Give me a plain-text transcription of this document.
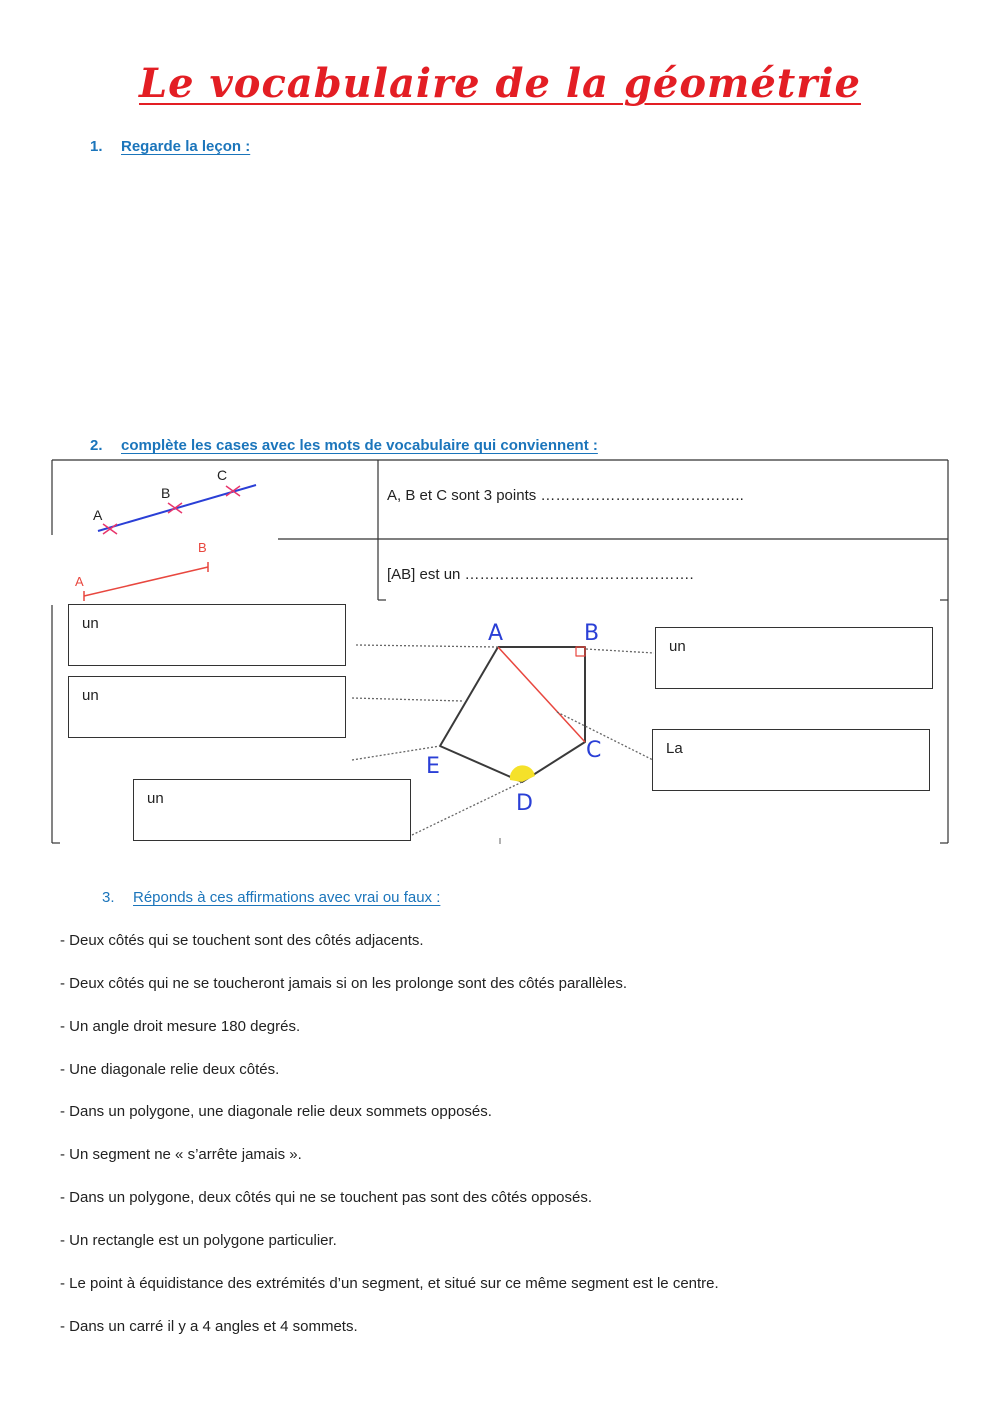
Le vocabulaire de la géométrie
1. Regarde la leçon :
2. complète les cases avec les mots de vocabulaire qui conviennent :
A
B
C
A
B
A	B
C
D
E
A, B et C sont 3 points …………………………………..
[AB] est un ……………………………………….
un
un
un
un
La
3. Réponds à ces affirmations avec vrai ou faux :
- Deux côtés qui se touchent sont des côtés adjacents.
- Deux côtés qui ne se toucheront jamais si on les prolonge sont des côtés parallèles.
- Un angle droit mesure 180 degrés.
- Une diagonale relie deux côtés.
- Dans un polygone, une diagonale relie deux sommets opposés.
- Un segment ne « s’arrête jamais ».
- Dans un polygone, deux côtés qui ne se touchent pas sont des côtés opposés.
- Un rectangle est un polygone particulier.
- Le point à équidistance des extrémités d’un segment, et situé sur ce même segment est le centre.
- Dans un carré il y a 4 angles et 4 sommets.
